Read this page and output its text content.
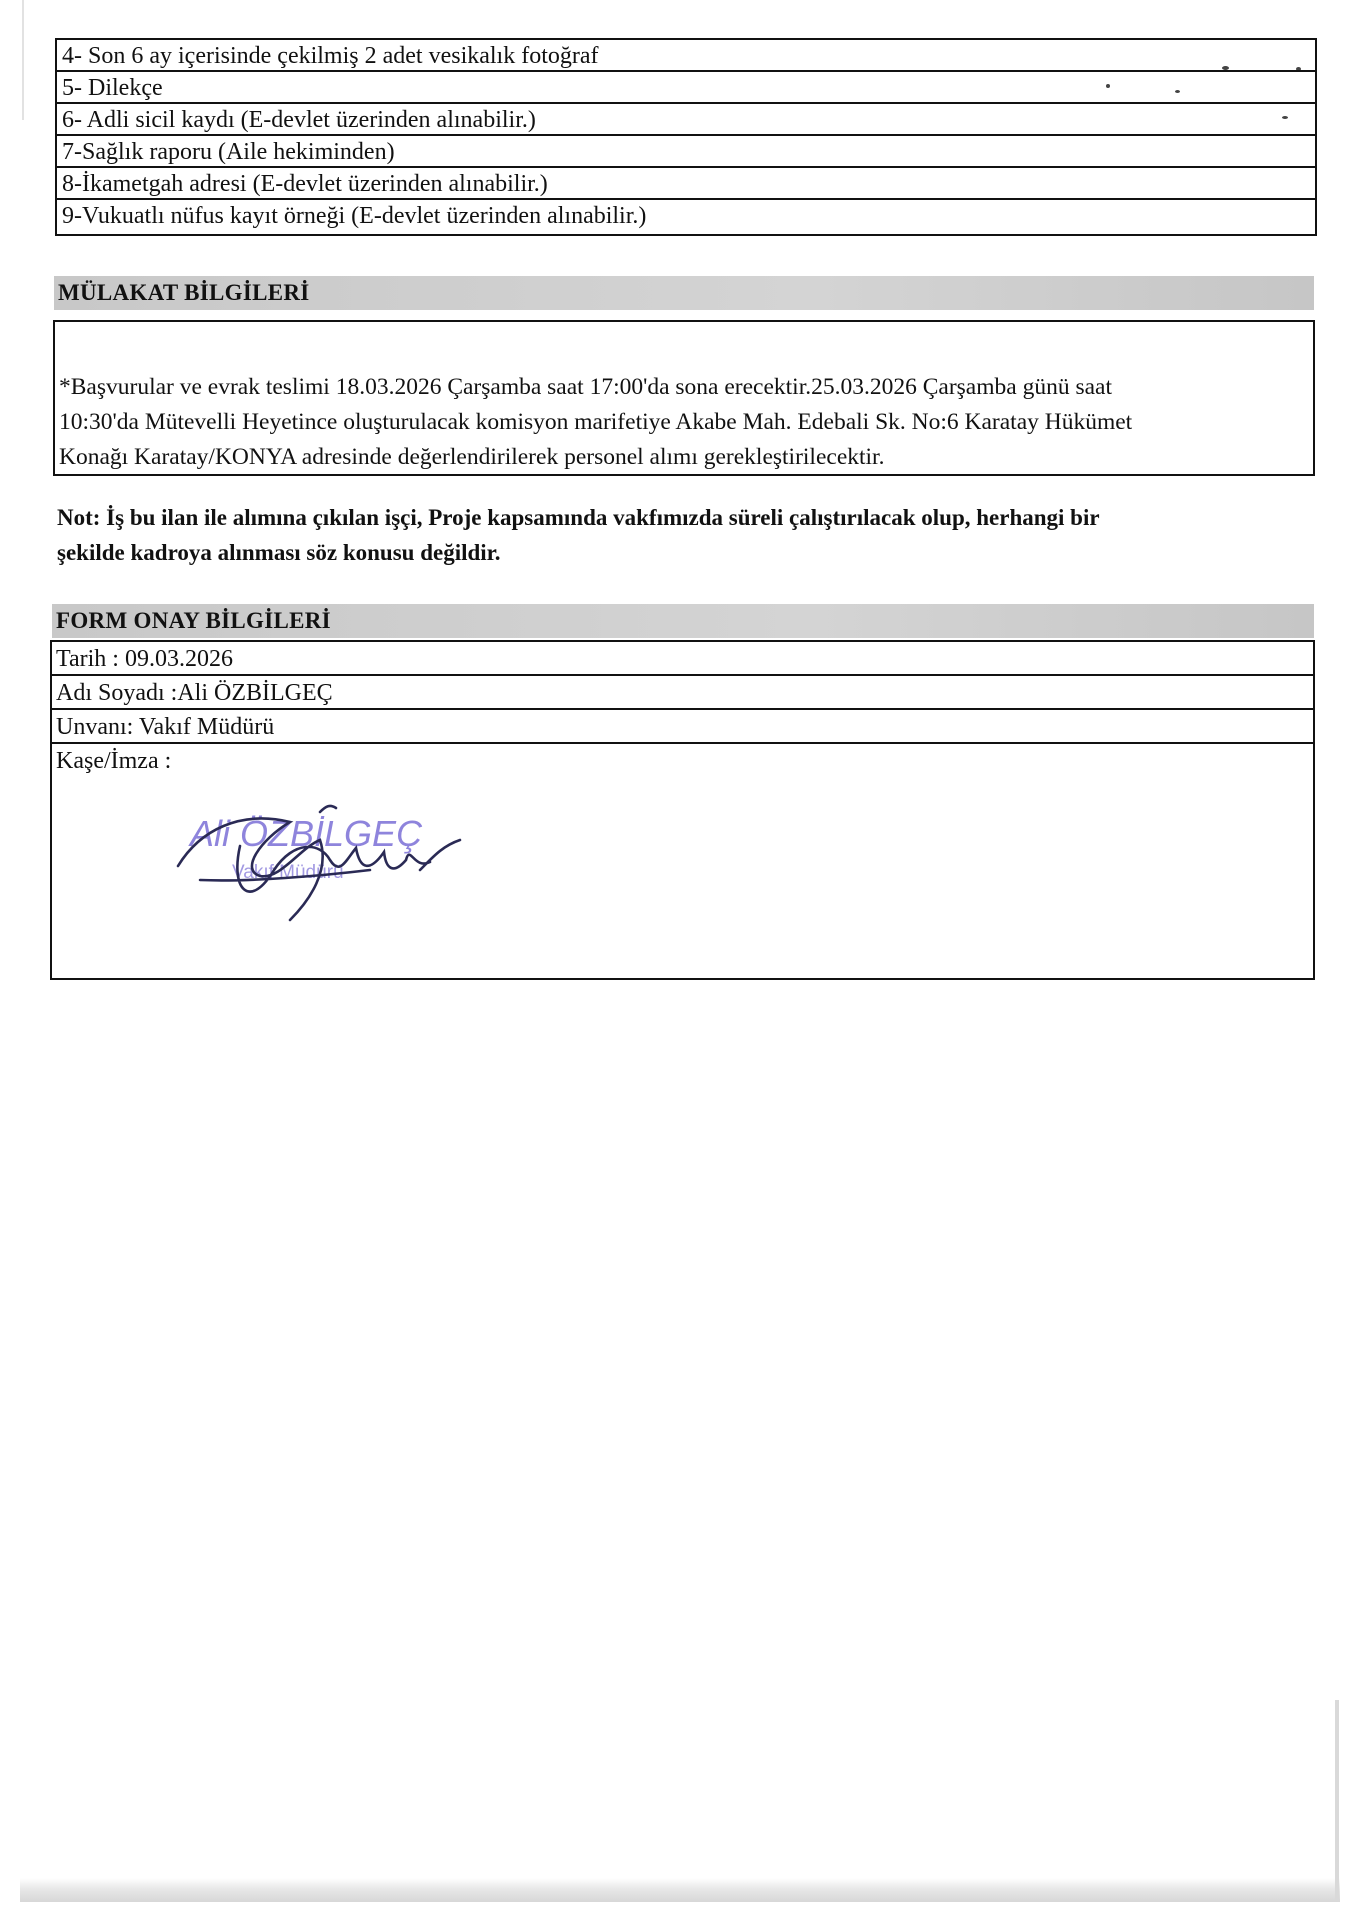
4- Son 6 ay içerisinde çekilmiş 2 adet vesikalık fotoğraf
5- Dilekçe
6- Adli sicil kaydı (E-devlet üzerinden alınabilir.)
7-Sağlık raporu (Aile hekiminden)
8-İkametgah adresi (E-devlet üzerinden alınabilir.)
9-Vukuatlı nüfus kayıt örneği (E-devlet üzerinden alınabilir.)
MÜLAKAT BİLGİLERİ

*Başvurular ve evrak teslimi 18.03.2026 Çarşamba saat 17:00'da sona erecektir.25.03.2026 Çarşamba günü saat
10:30'da Mütevelli Heyetince oluşturulacak komisyon marifetiye Akabe Mah. Edebali Sk. No:6 Karatay Hükümet
Konağı Karatay/KONYA adresinde değerlendirilerek personel alımı gerekleştirilecektir.

Not: İş bu ilan ile alımına çıkılan işçi, Proje kapsamında vakfımızda süreli çalıştırılacak olup, herhangi bir
şekilde kadroya alınması söz konusu değildir.

FORM ONAY BİLGİLERİ
Tarih : 09.03.2026
Adı Soyadı :Ali ÖZBİLGEÇ
Unvanı: Vakıf Müdürü
Kaşe/İmza :
Ali ÖZBİLGEÇ
Vakıf Müdürü
